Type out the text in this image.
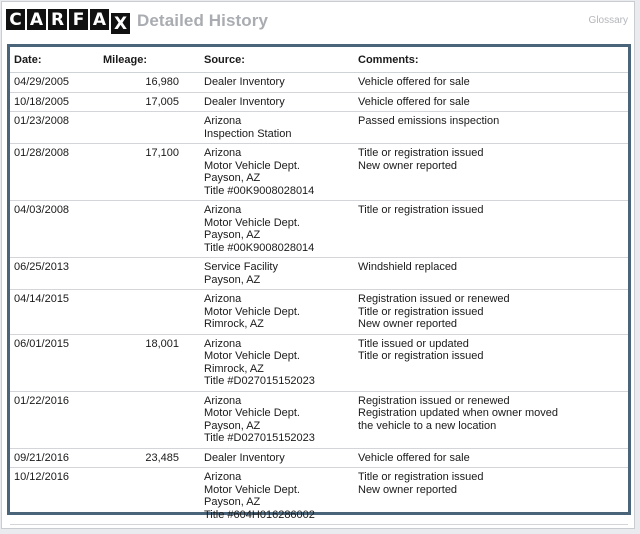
C A R F A X Detailed History	Glossary
Date:	Mileage:	Source:	Comments:
04/29/2005	16,980	Dealer Inventory	Vehicle offered for sale

10/18/2005	17,005	Dealer Inventory	Vehicle offered for sale

01/23/2008		Arizona
Inspection Station	Passed emissions inspection

01/28/2008	17,100	Arizona
Motor Vehicle Dept.
Payson, AZ
Title #00K9008028014	Title or registration issued
New owner reported

04/03/2008		Arizona
Motor Vehicle Dept.
Payson, AZ
Title #00K9008028014	Title or registration issued

06/25/2013		Service Facility
Payson, AZ	Windshield replaced

04/14/2015		Arizona
Motor Vehicle Dept.
Rimrock, AZ	Registration issued or renewed
Title or registration issued
New owner reported

06/01/2015	18,001	Arizona
Motor Vehicle Dept.
Rimrock, AZ
Title #D027015152023	Title issued or updated
Title or registration issued

01/22/2016		Arizona
Motor Vehicle Dept.
Payson, AZ
Title #D027015152023	Registration issued or renewed
Registration updated when owner moved
the vehicle to a new location

09/21/2016	23,485	Dealer Inventory	Vehicle offered for sale

10/12/2016		Arizona
Motor Vehicle Dept.
Payson, AZ
Title #604H016286002	Title or registration issued
New owner reported
